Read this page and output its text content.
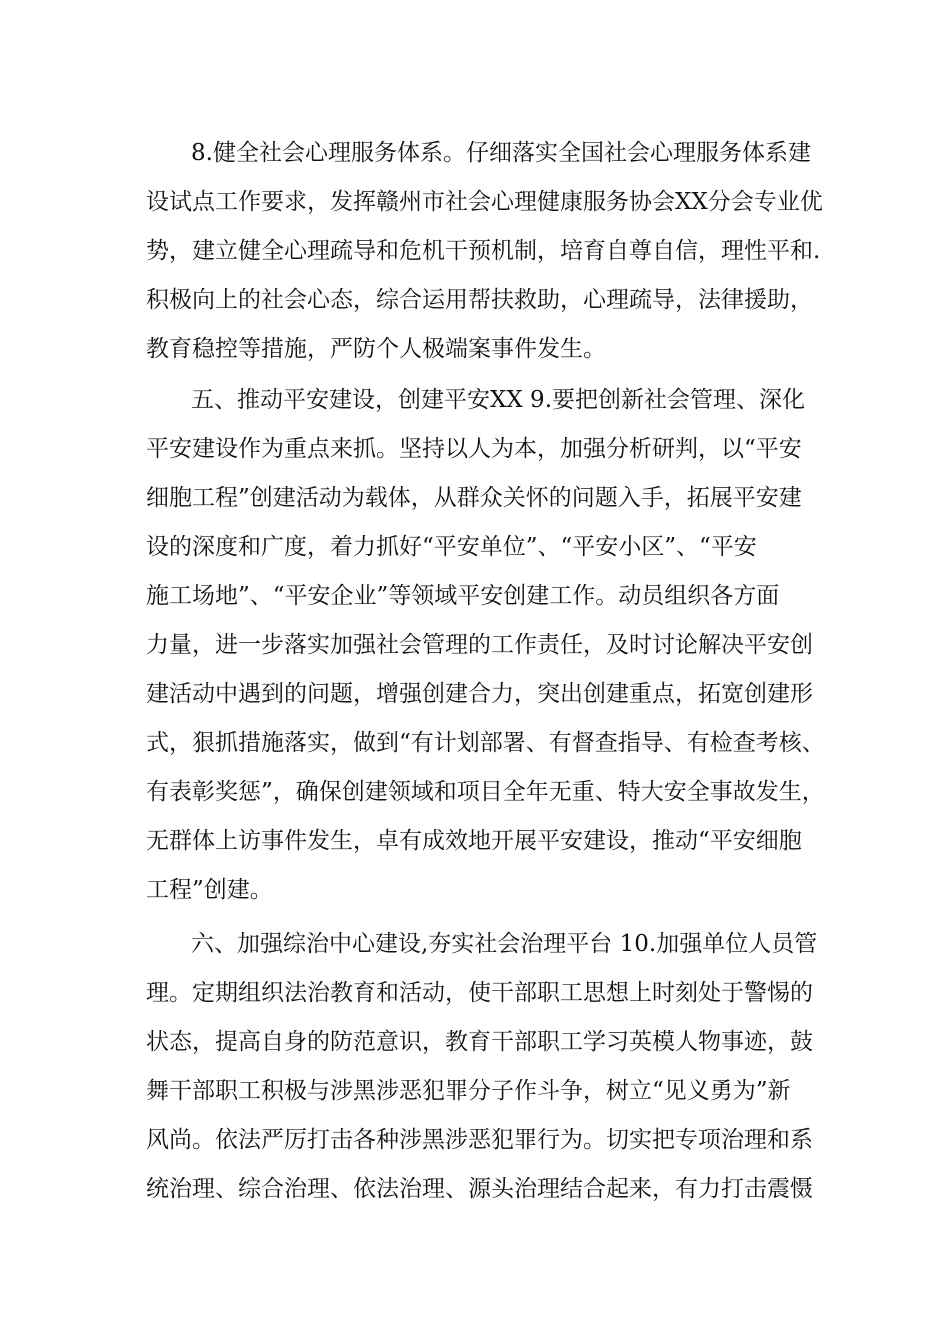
8.健全社会心理服务体系。仔细落实全国社会心理服务体系建
设试点工作要求，发挥赣州市社会心理健康服务协会XX分会专业优
势，建立健全心理疏导和危机干预机制，培育自尊自信，理性平和.
积极向上的社会心态，综合运用帮扶救助，心理疏导，法律援助，
教育稳控等措施，严防个人极端案事件发生。
五、推动平安建设，创建平安XX 9.要把创新社会管理、深化
平安建设作为重点来抓。坚持以人为本，加强分析研判，以“平安
细胞工程”创建活动为载体，从群众关怀的问题入手，拓展平安建
设的深度和广度，着力抓好“平安单位”、“平安小区”、“平安
施工场地”、“平安企业”等领域平安创建工作。动员组织各方面
力量，进一步落实加强社会管理的工作责任，及时讨论解决平安创
建活动中遇到的问题，增强创建合力，突出创建重点，拓宽创建形
式，狠抓措施落实，做到“有计划部署、有督查指导、有检查考核、
有表彰奖惩”，确保创建领域和项目全年无重、特大安全事故发生，
无群体上访事件发生，卓有成效地开展平安建设，推动“平安细胞
工程”创建。
六、加强综治中心建设,夯实社会治理平台 10.加强单位人员管
理。定期组织法治教育和活动，使干部职工思想上时刻处于警惕的
状态，提高自身的防范意识，教育干部职工学习英模人物事迹，鼓
舞干部职工积极与涉黑涉恶犯罪分子作斗争，树立“见义勇为”新
风尚。依法严厉打击各种涉黑涉恶犯罪行为。切实把专项治理和系
统治理、综合治理、依法治理、源头治理结合起来，有力打击震慑
